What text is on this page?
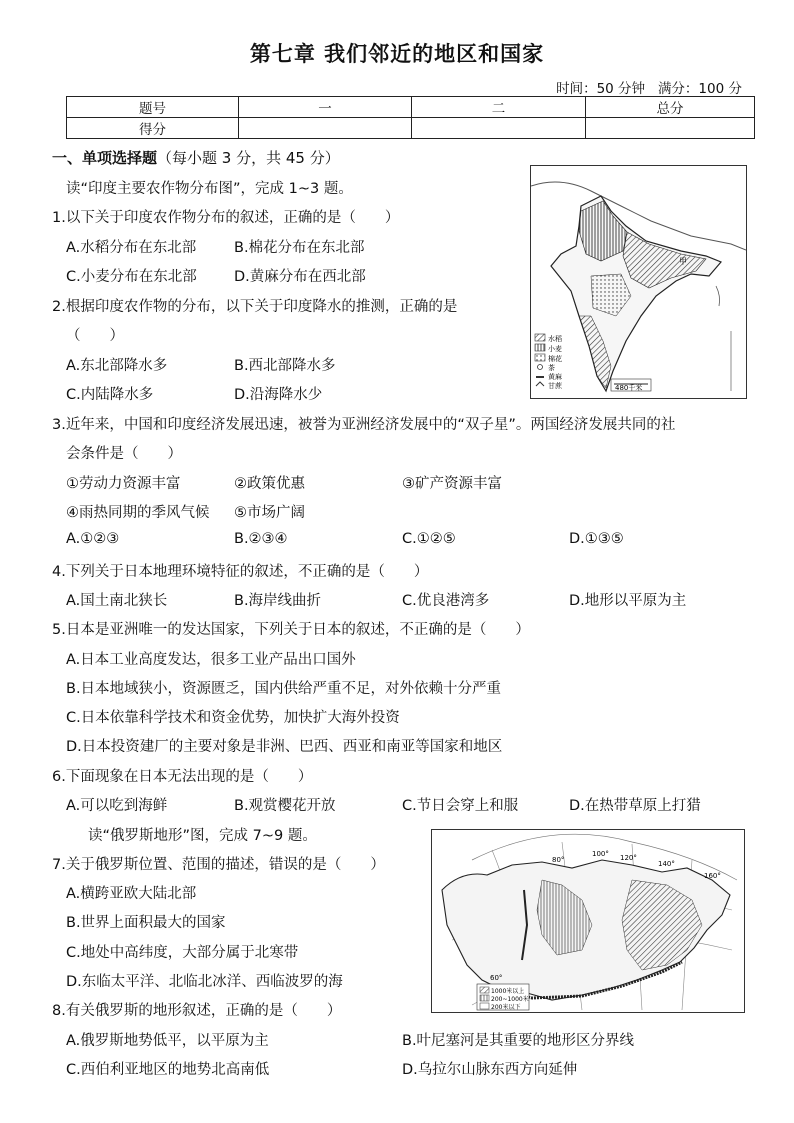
第七章 我们邻近的地区和国家
时间：50 分钟 满分：100 分
题号	一	二	总分
得分			
一、单项选择题（每小题 3 分，共 45 分）
读“印度主要农作物分布图”，完成 1~3 题。
1.以下关于印度农作物分布的叙述，正确的是（　　）
A.水稻分布在东北部	B.棉花分布在东北部
C.小麦分布在东北部	D.黄麻分布在西北部
2.根据印度农作物的分布，以下关于印度降水的推测，正确的是
（　　）
A.东北部降水多	B.西北部降水多
C.内陆降水多	D.沿海降水少
甲
水稻
小麦
棉花
茶
黄麻
甘蔗	480千米
3.近年来，中国和印度经济发展迅速，被誉为亚洲经济发展中的“双子星”。两国经济发展共同的社
会条件是（　　）
①劳动力资源丰富	②政策优惠	③矿产资源丰富
④雨热同期的季风气候 ⑤市场广阔
A.①②③	B.②③④	C.①②⑤	D.①③⑤
4.下列关于日本地理环境特征的叙述，不正确的是（　　）
A.国土南北狭长	B.海岸线曲折	C.优良港湾多	D.地形以平原为主
5.日本是亚洲唯一的发达国家，下列关于日本的叙述，不正确的是（　　）
A.日本工业高度发达，很多工业产品出口国外
B.日本地域狭小，资源匮乏，国内供给严重不足，对外依赖十分严重
C.日本依靠科学技术和资金优势，加快扩大海外投资
D.日本投资建厂的主要对象是非洲、巴西、西亚和南亚等国家和地区
6.下面现象在日本无法出现的是（　　）
A.可以吃到海鲜	B.观赏樱花开放	C.节日会穿上和服	D.在热带草原上打猎
读“俄罗斯地形”图，完成 7~9 题。
100° 120°
140°
160°
80°
60°
1000米以上
200~1000米
200米以下
7.关于俄罗斯位置、范围的描述，错误的是（　　）
A.横跨亚欧大陆北部
B.世界上面积最大的国家
C.地处中高纬度，大部分属于北寒带
D.东临太平洋、北临北冰洋、西临波罗的海
8.有关俄罗斯的地形叙述，正确的是（　　）
A.俄罗斯地势低平，以平原为主	B.叶尼塞河是其重要的地形区分界线
C.西伯利亚地区的地势北高南低	D.乌拉尔山脉东西方向延伸
